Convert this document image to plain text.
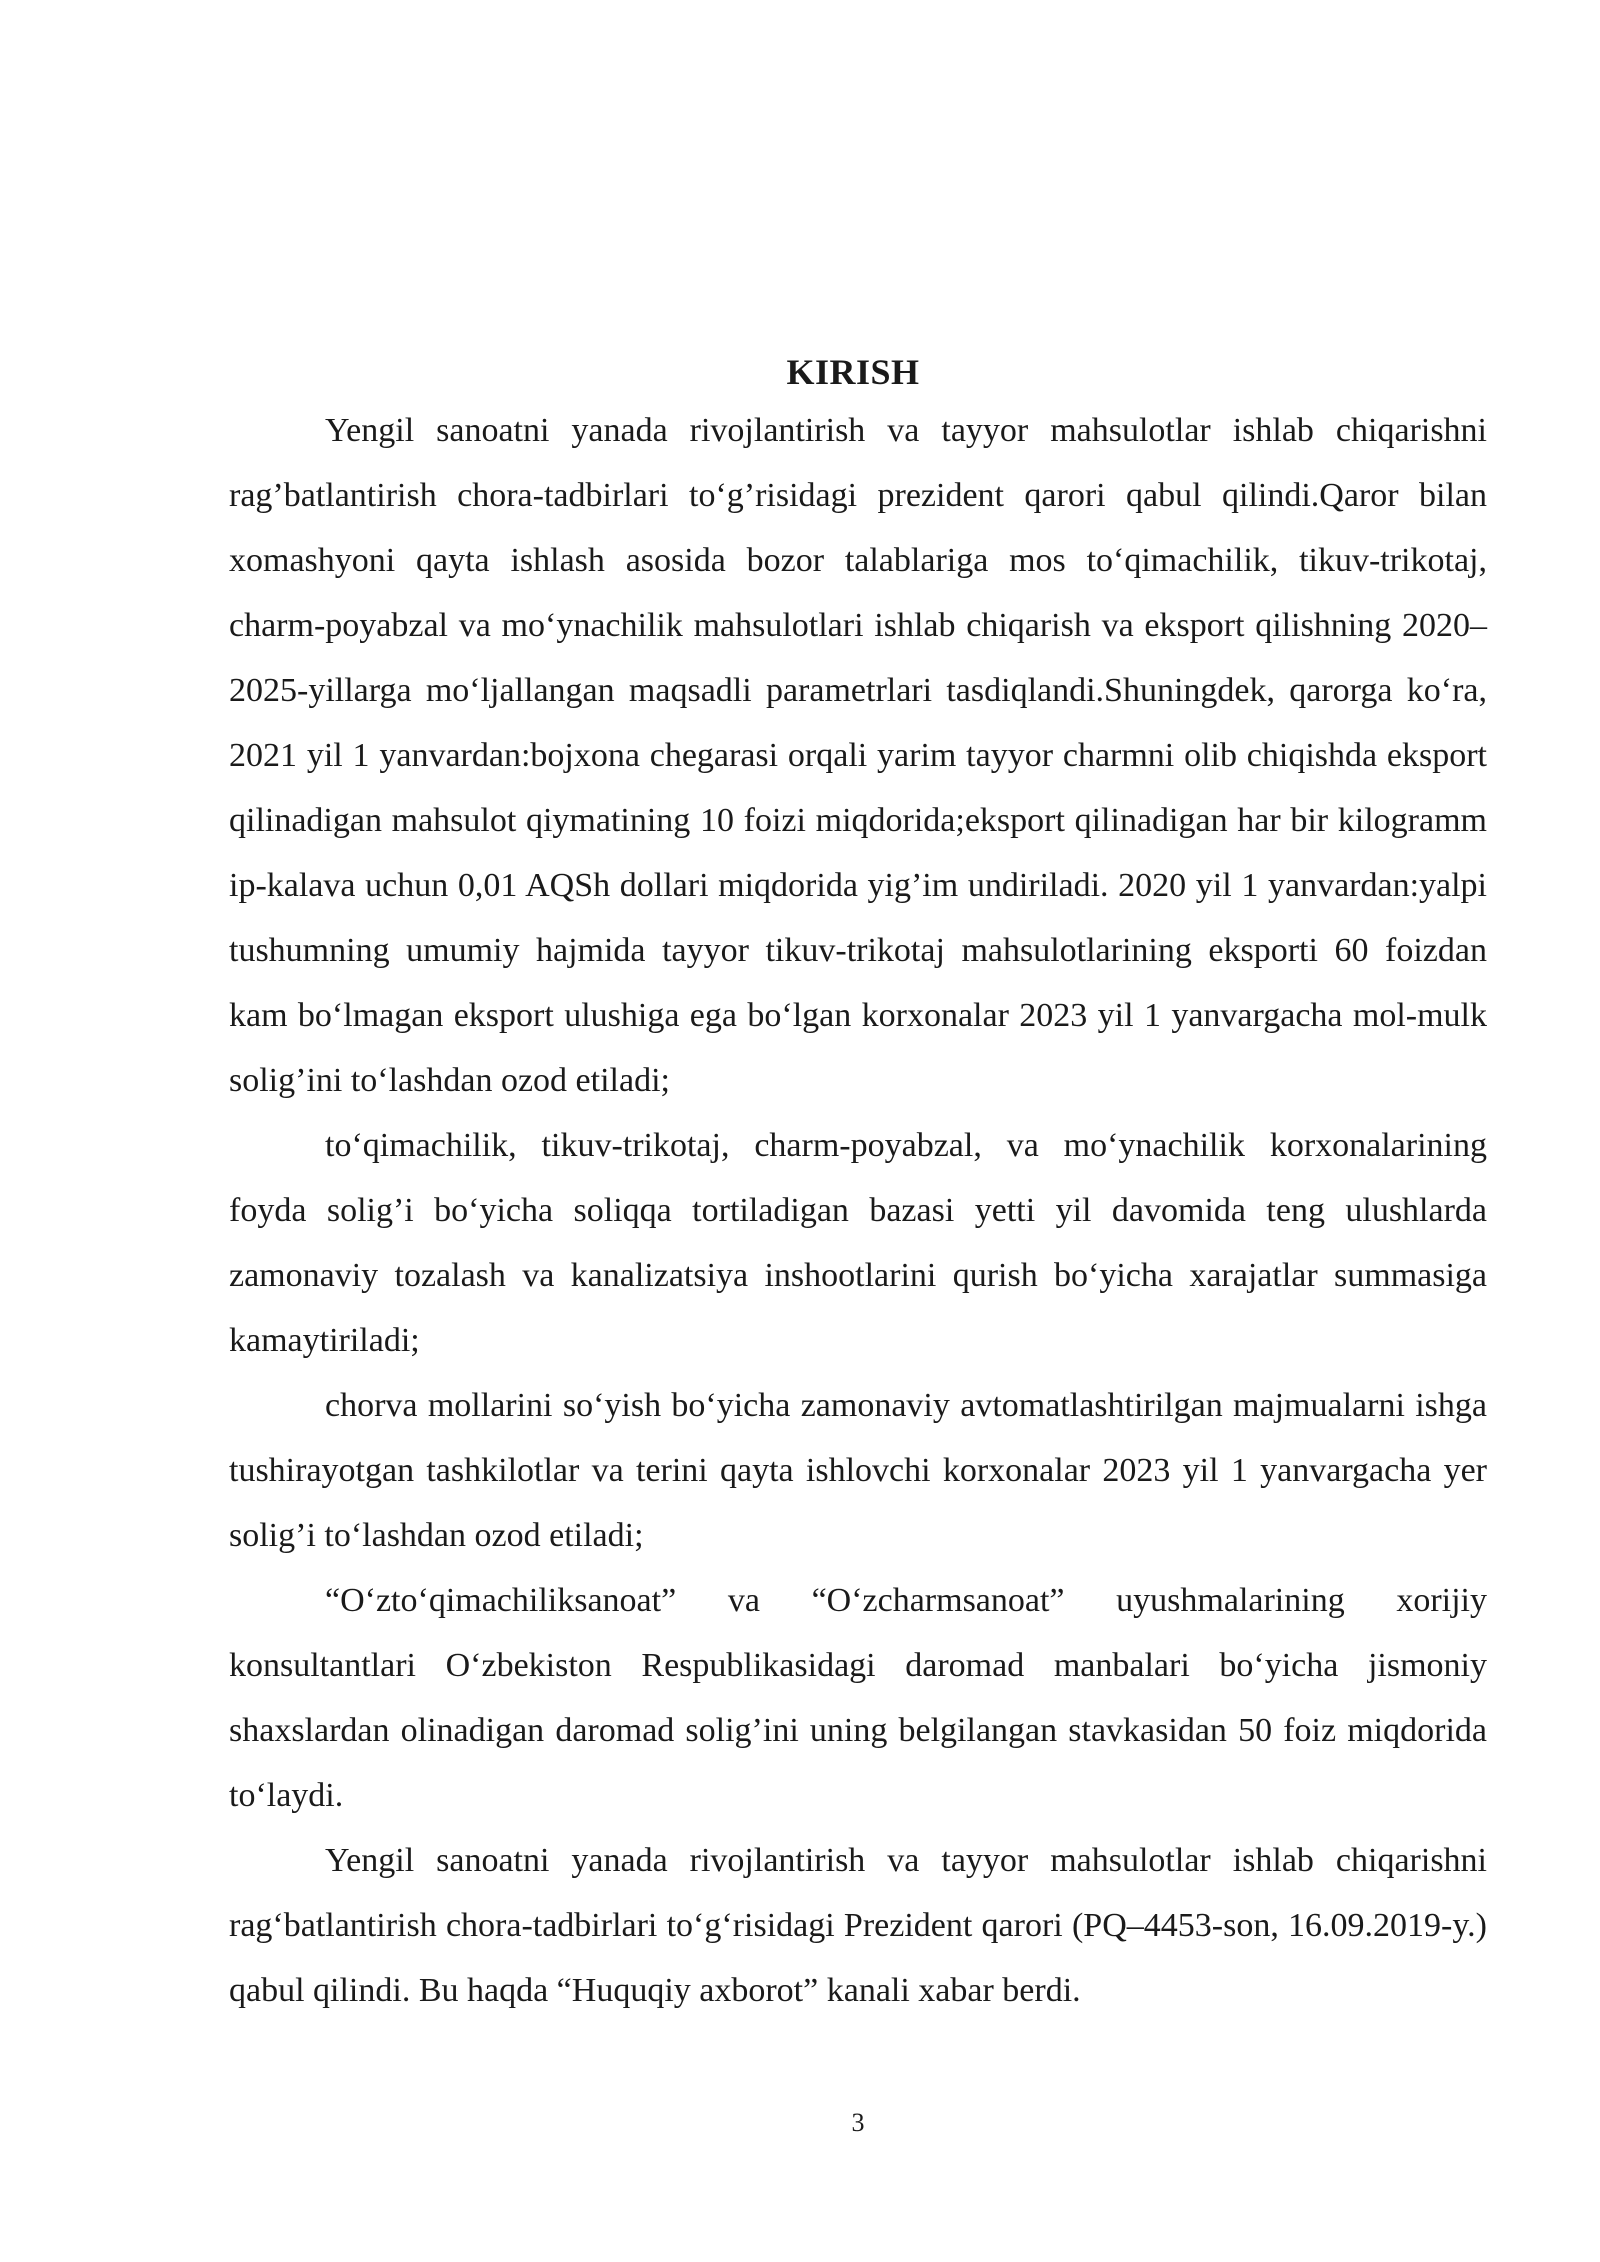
KIRISH

Yengil sanoatni yanada rivojlantirish va tayyor mahsulotlar ishlab chiqarishni rag’batlantirish chora-tadbirlari to‘g’risidagi prezident qarori qabul qilindi.Qaror bilan xomashyoni qayta ishlash asosida bozor talablariga mos to‘qimachilik, tikuv-trikotaj, charm-poyabzal va mo‘ynachilik mahsulotlari ishlab chiqarish va eksport qilishning 2020–2025-yillarga mo‘ljallangan maqsadli parametrlari tasdiqlandi.Shuningdek, qarorga ko‘ra, 2021 yil 1 yanvardan:bojxona chegarasi orqali yarim tayyor charmni olib chiqishda eksport qilinadigan mahsulot qiymatining 10 foizi miqdorida;eksport qilinadigan har bir kilogramm ip-kalava uchun 0,01 AQSh dollari miqdorida yig’im undiriladi. 2020 yil 1 yanvardan:yalpi tushumning umumiy hajmida tayyor tikuv-trikotaj mahsulotlarining eksporti 60 foizdan kam bo‘lmagan eksport ulushiga ega bo‘lgan korxonalar 2023 yil 1 yanvargacha mol-mulk solig’ini to‘lashdan ozod etiladi;

to‘qimachilik, tikuv-trikotaj, charm-poyabzal, va mo‘ynachilik korxonalarining foyda solig’i bo‘yicha soliqqa tortiladigan bazasi yetti yil davomida teng ulushlarda zamonaviy tozalash va kanalizatsiya inshootlarini qurish bo‘yicha xarajatlar summasiga kamaytiriladi;

chorva mollarini so‘yish bo‘yicha zamonaviy avtomatlashtirilgan majmualarni ishga tushirayotgan tashkilotlar va terini qayta ishlovchi korxonalar 2023 yil 1 yanvargacha yer solig’i to‘lashdan ozod etiladi;

“O‘zto‘qimachiliksanoat” va “O‘zcharmsanoat” uyushmalarining xorijiy konsultantlari O‘zbekiston Respublikasidagi daromad manbalari bo‘yicha jismoniy shaxslardan olinadigan daromad solig’ini uning belgilangan stavkasidan 50 foiz miqdorida to‘laydi.

Yengil sanoatni yanada rivojlantirish va tayyor mahsulotlar ishlab chiqarishni rag‘batlantirish chora-tadbirlari to‘g‘risidagi Prezident qarori (PQ–4453-son, 16.09.2019-y.) qabul qilindi. Bu haqda “Huquqiy axborot” kanali xabar berdi.

3
